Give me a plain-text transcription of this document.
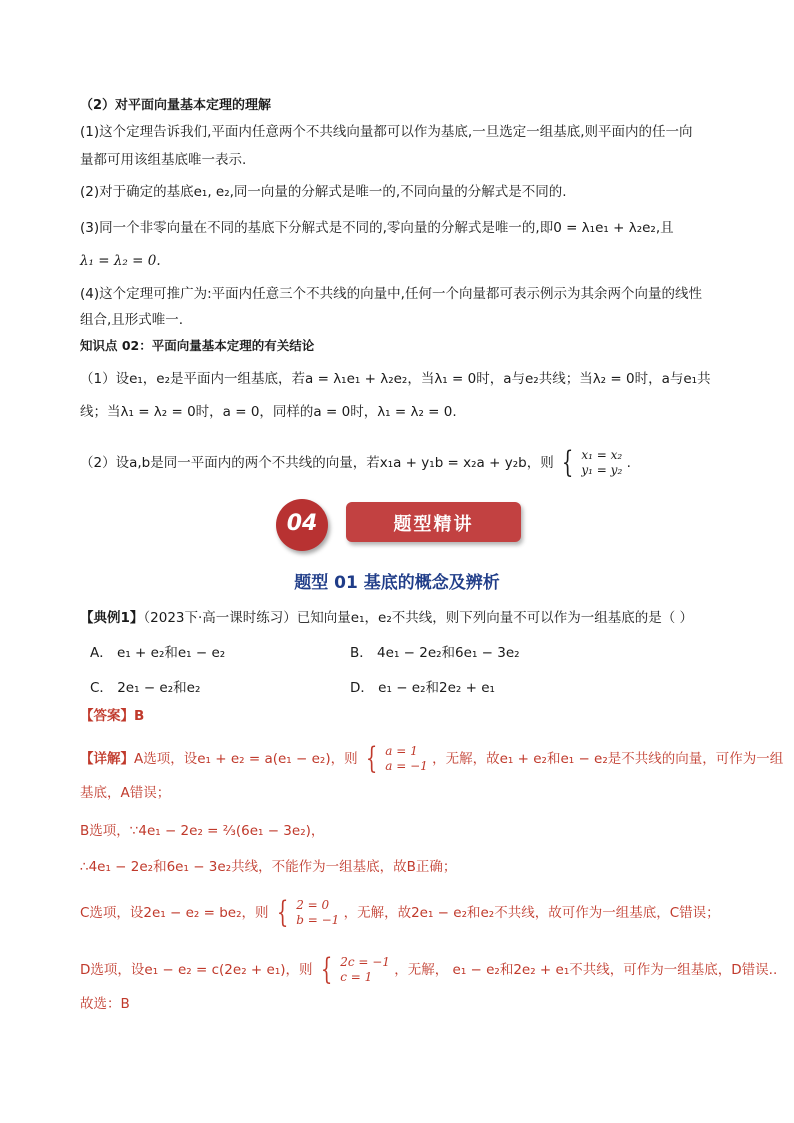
（2）对平面向量基本定理的理解
(1)这个定理告诉我们,平面内任意两个不共线向量都可以作为基底,一旦选定一组基底,则平面内的任一向
量都可用该组基底唯一表示.
(2)对于确定的基底e₁, e₂,同一向量的分解式是唯一的,不同向量的分解式是不同的.
(3)同一个非零向量在不同的基底下分解式是不同的,零向量的分解式是唯一的,即0 = λ₁e₁ + λ₂e₂,且
λ₁ = λ₂ = 0.
(4)这个定理可推广为:平面内任意三个不共线的向量中,任何一个向量都可表示例示为其余两个向量的线性
组合,且形式唯一.
知识点 02：平面向量基本定理的有关结论
（1）设e₁，e₂是平面内一组基底，若a = λ₁e₁ + λ₂e₂，当λ₁ = 0时，a与e₂共线；当λ₂ = 0时，a与e₁共
线；当λ₁ = λ₂ = 0时，a = 0，同样的a = 0时，λ₁ = λ₂ = 0.
（2）设a,b是同一平面内的两个不共线的向量，若x₁a + y₁b = x₂a + y₂b，则 { x₁ = x₂
y₁ = y₂ .
04	题型精讲
题型 01 基底的概念及辨析
【典例1】（2023下·高一课时练习）已知向量e₁，e₂不共线，则下列向量不可以作为一组基底的是（ ）
A． e₁ + e₂和e₁ − e₂	B． 4e₁ − 2e₂和6e₁ − 3e₂
C． 2e₁ − e₂和e₂	D． e₁ − e₂和2e₂ + e₁
【答案】B
【详解】A选项，设e₁ + e₂ = a(e₁ − e₂)，则 { a = 1
a = −1 ，无解，故e₁ + e₂和e₁ − e₂是不共线的向量，可作为一组
基底，A错误；
B选项，∵4e₁ − 2e₂ = ⅔(6e₁ − 3e₂)，
∴4e₁ − 2e₂和6e₁ − 3e₂共线，不能作为一组基底，故B正确；
C选项，设2e₁ − e₂ = be₂，则 { 2 = 0
b = −1 ，无解，故2e₁ − e₂和e₂不共线，故可作为一组基底，C错误；
D选项，设e₁ − e₂ = c(2e₂ + e₁)，则 { 2c = −1
c = 1	，无解， e₁ − e₂和2e₂ + e₁不共线，可作为一组基底，D错误..
故选：B
